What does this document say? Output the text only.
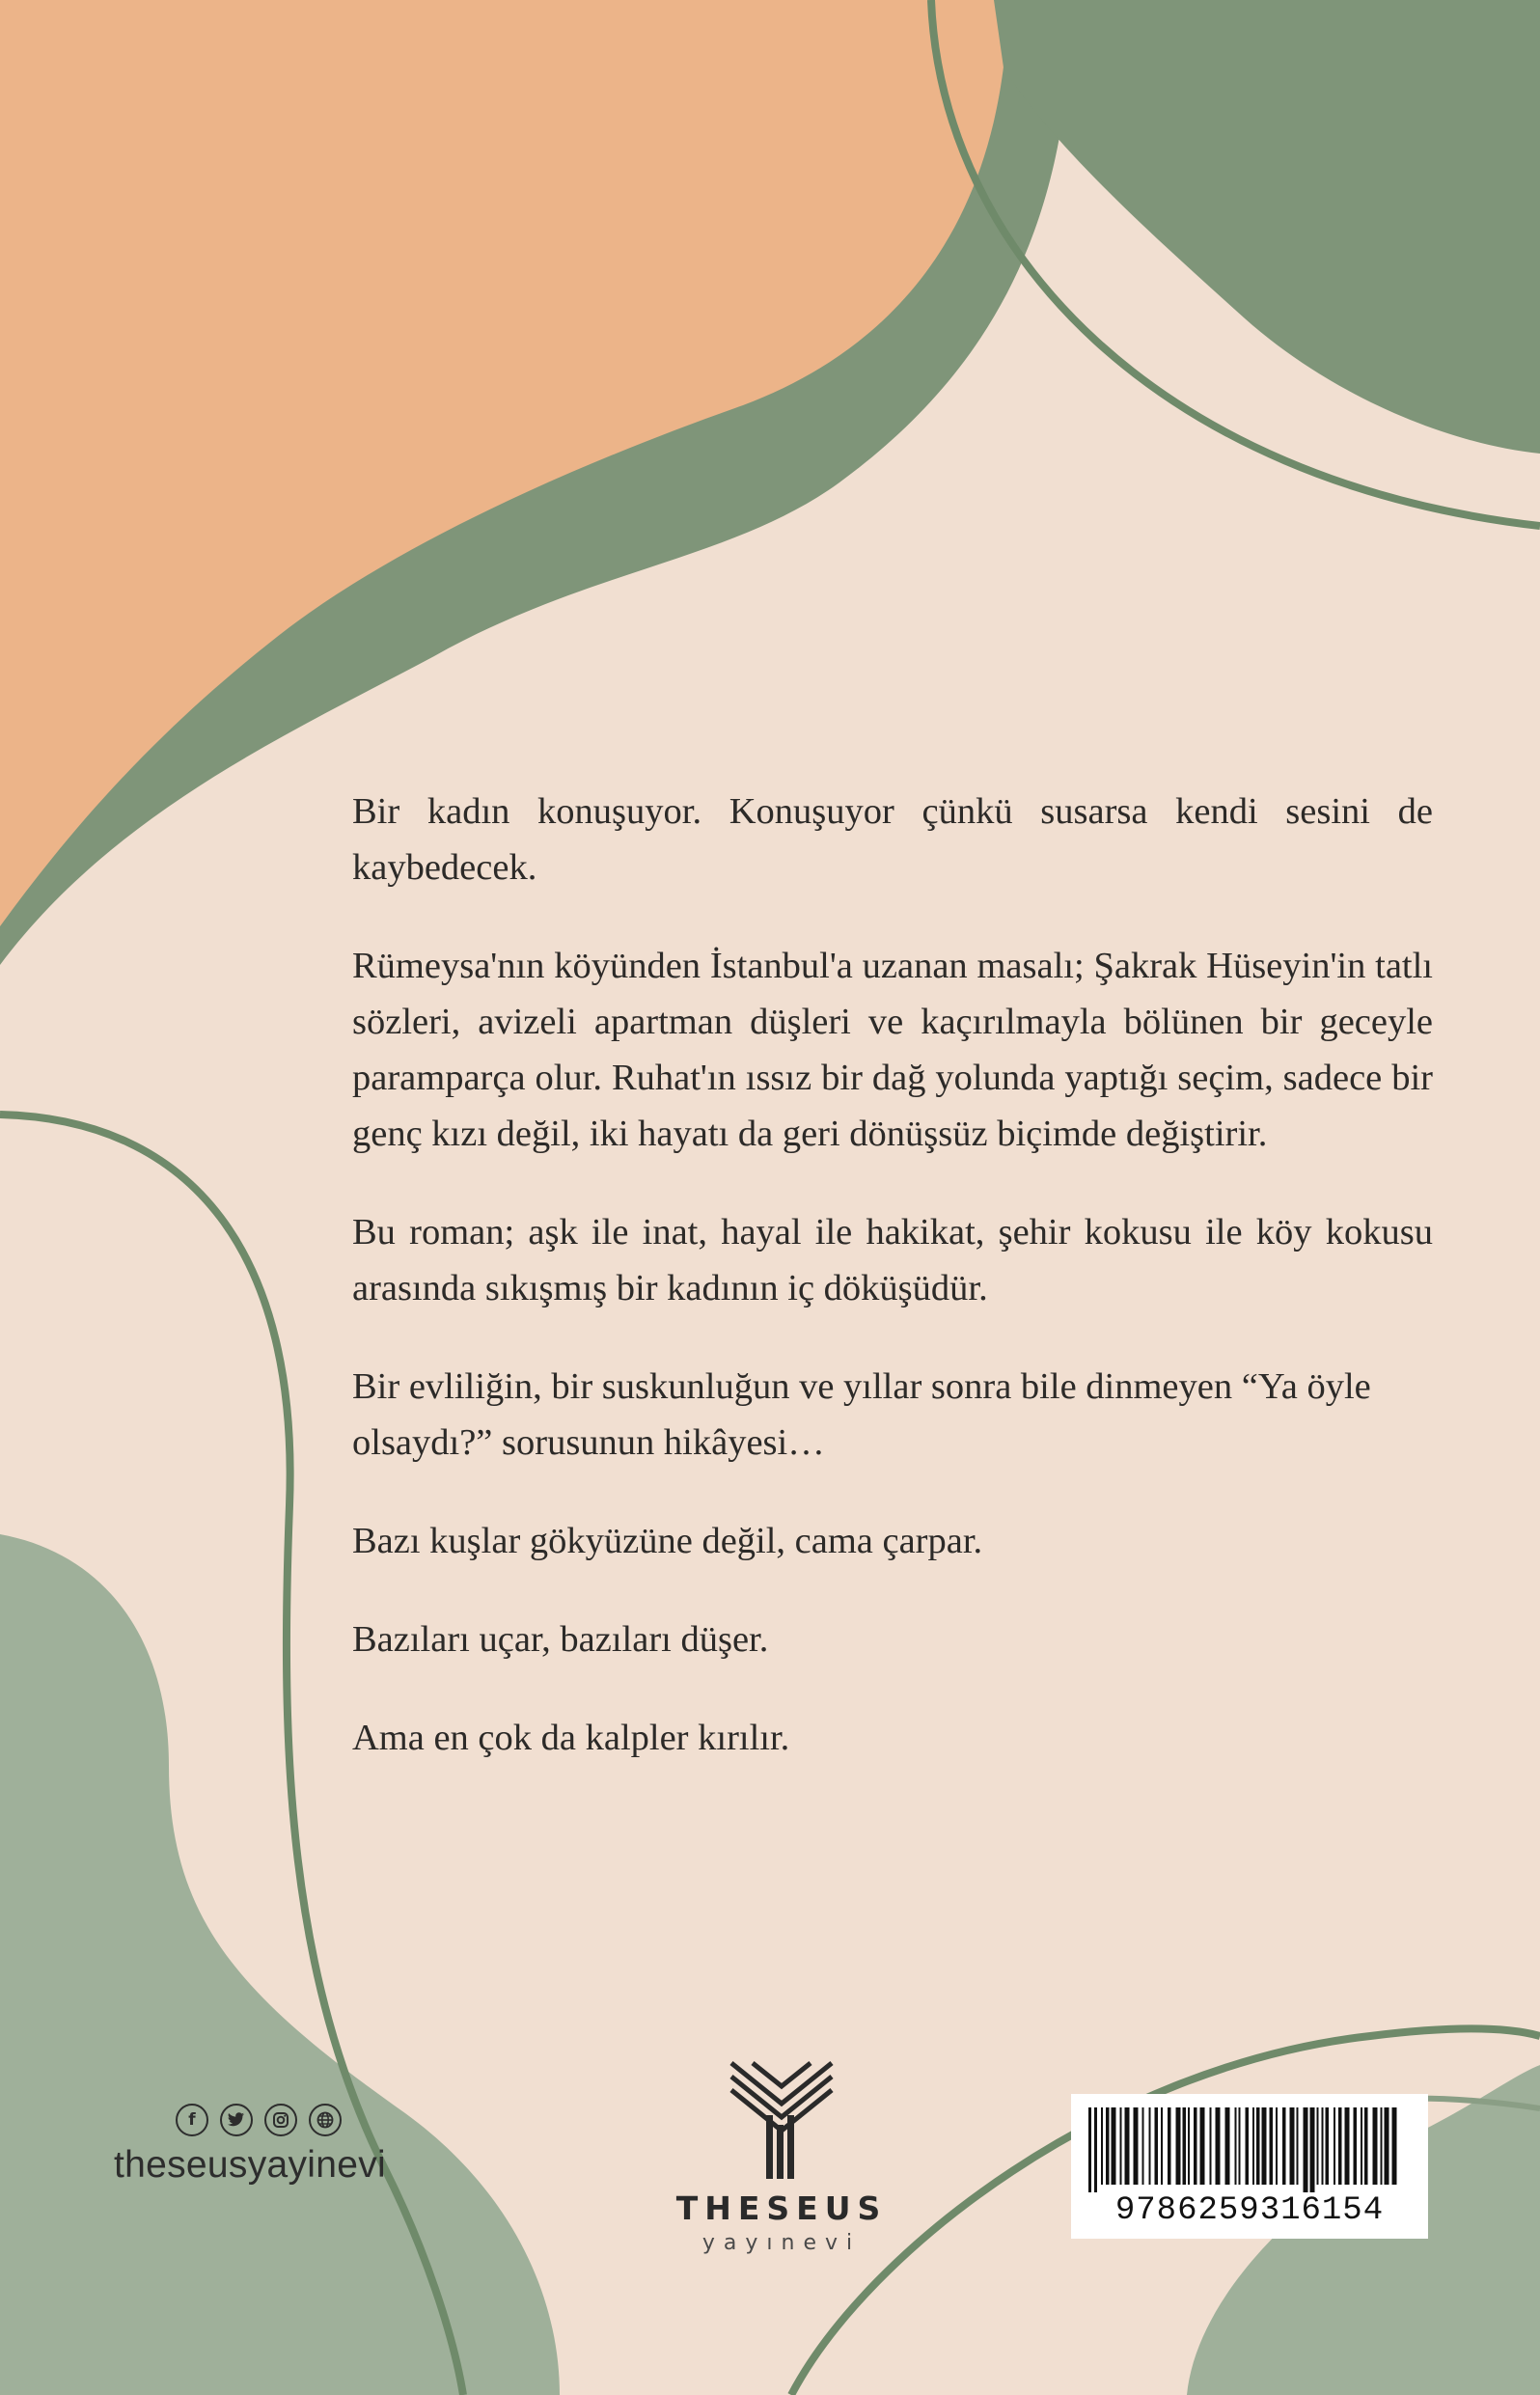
Bir kadın konuşuyor. Konuşuyor çünkü susarsa kendi sesini de kaybedecek.

Rümeysa'nın köyünden İstanbul'a uzanan masalı; Şakrak Hüseyin'in tatlı sözleri, avizeli apartman düşleri ve kaçırılmayla bölünen bir geceyle paramparça olur. Ruhat'ın ıssız bir dağ yolunda yaptığı seçim, sadece bir genç kızı değil, iki hayatı da geri dönüşsüz biçimde değiştirir.

Bu roman; aşk ile inat, hayal ile hakikat, şehir kokusu ile köy kokusu arasında sıkışmış bir kadının iç döküşüdür.

Bir evliliğin, bir suskunluğun ve yıllar sonra bile dinmeyen “Ya öyle olsaydı?” sorusunun hikâyesi…

Bazı kuşlar gökyüzüne değil, cama çarpar.

Bazıları uçar, bazıları düşer.

Ama en çok da kalpler kırılır.

f
theseusyayinevi
THESEUS
yayınevi
9786259316154
